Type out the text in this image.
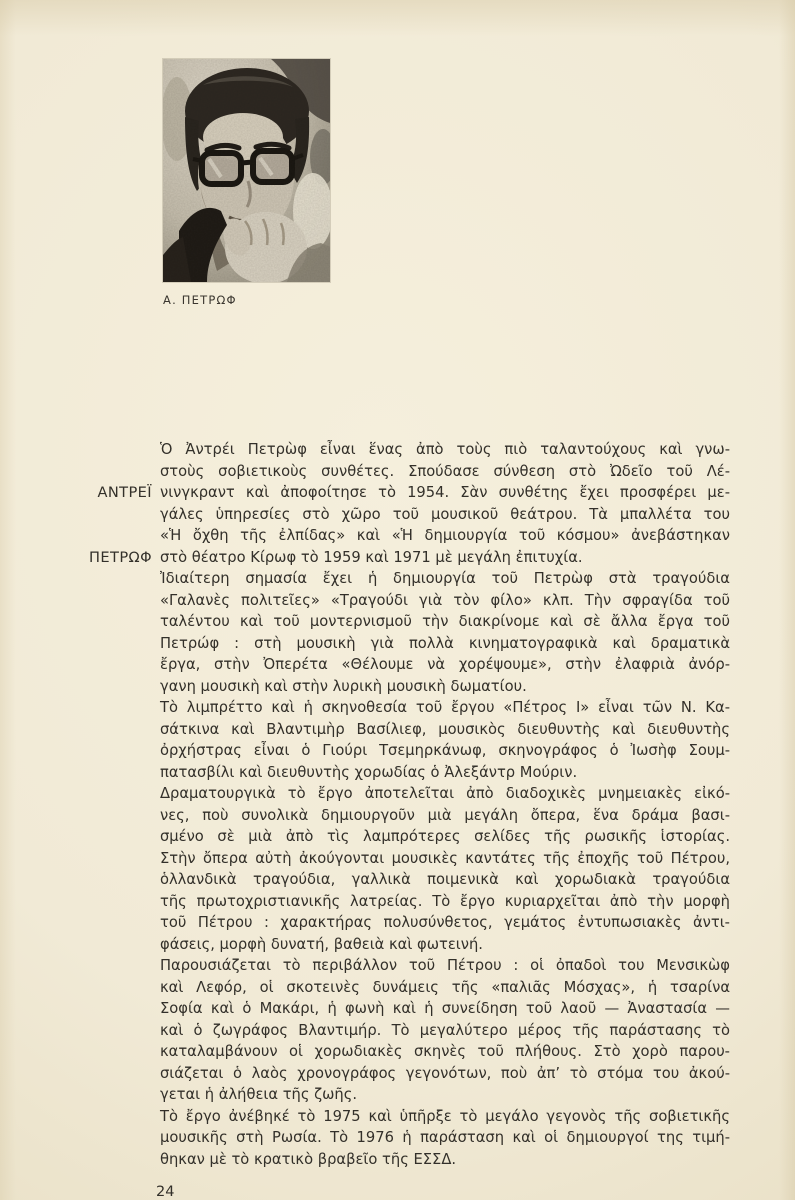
Α. ΠΕΤΡΩΦ

ΑΝΤΡΕΪ

ΠΕΤΡΩΦ

Ὁ Ἀντρέι Πετρὼφ εἶναι ἕνας ἀπὸ τοὺς πιὸ ταλαντούχους καὶ γνω-
στοὺς σοβιετικοὺς συνθέτες. Σπούδασε σύνθεση στὸ Ὠδεῖο τοῦ Λέ-
νινγκραντ καὶ ἀποφοίτησε τὸ 1954. Σὰν συνθέτης ἔχει προσφέρει με-
γάλες ὑπηρεσίες στὸ χῶρο τοῦ μουσικοῦ θεάτρου. Τὰ μπαλλέτα του
«Ἡ ὄχθη τῆς ἐλπίδας» καὶ «Ἡ δημιουργία τοῦ κόσμου» ἀνεβάστηκαν
στὸ θέατρο Κίρωφ τὸ 1959 καὶ 1971 μὲ μεγάλη ἐπιτυχία.
Ἰδιαίτερη σημασία ἔχει ἡ δημιουργία τοῦ Πετρὼφ στὰ τραγούδια
«Γαλανὲς πολιτεῖες» «Τραγούδι γιὰ τὸν φίλο» κλπ. Τὴν σφραγίδα τοῦ
ταλέντου καὶ τοῦ μοντερνισμοῦ τὴν διακρίνομε καὶ σὲ ἄλλα ἔργα τοῦ
Πετρώφ : στὴ μουσικὴ γιὰ πολλὰ κινηματογραφικὰ καὶ δραματικὰ
ἔργα, στὴν Ὀπερέτα «Θέλουμε νὰ χορέψουμε», στὴν ἐλαφριὰ ἀνόρ-
γανη μουσικὴ καὶ στὴν λυρικὴ μουσικὴ δωματίου.
Τὸ λιμπρέττο καὶ ἡ σκηνοθεσία τοῦ ἔργου «Πέτρος Ι» εἶναι τῶν Ν. Κα-
σάτκινα καὶ Βλαντιμὴρ Βασίλιεφ, μουσικὸς διευθυντὴς καὶ διευθυντὴς
ὀρχήστρας εἶναι ὁ Γιούρι Τσεμηρκάνωφ, σκηνογράφος ὁ Ἰωσὴφ Σουμ-
πατασβίλι καὶ διευθυντὴς χορωδίας ὁ Ἀλεξάντρ Μούριν.
Δραματουργικὰ τὸ ἔργο ἀποτελεῖται ἀπὸ διαδοχικὲς μνημειακὲς εἰκό-
νες, ποὺ συνολικὰ δημιουργοῦν μιὰ μεγάλη ὄπερα, ἕνα δράμα βασι-
σμένο σὲ μιὰ ἀπὸ τὶς λαμπρότερες σελίδες τῆς ρωσικῆς ἱστορίας.
Στὴν ὄπερα αὐτὴ ἀκούγονται μουσικὲς καντάτες τῆς ἐποχῆς τοῦ Πέτρου,
ὁλλανδικὰ τραγούδια, γαλλικὰ ποιμενικὰ καὶ χορωδιακὰ τραγούδια
τῆς πρωτοχριστιανικῆς λατρείας. Τὸ ἔργο κυριαρχεῖται ἀπὸ τὴν μορφὴ
τοῦ Πέτρου : χαρακτήρας πολυσύνθετος, γεμάτος ἐντυπωσιακὲς ἀντι-
φάσεις, μορφὴ δυνατή, βαθειὰ καὶ φωτεινή.
Παρουσιάζεται τὸ περιβάλλον τοῦ Πέτρου : οἱ ὀπαδοὶ του Μενσικὼφ
καὶ Λεφόρ, οἱ σκοτεινὲς δυνάμεις τῆς «παλιᾶς Μόσχας», ἡ τσαρίνα
Σοφία καὶ ὁ Μακάρι, ἡ φωνὴ καὶ ἡ συνείδηση τοῦ λαοῦ — Ἀναστασία —
καὶ ὁ ζωγράφος Βλαντιμήρ. Τὸ μεγαλύτερο μέρος τῆς παράστασης τὸ
καταλαμβάνουν οἱ χορωδιακὲς σκηνὲς τοῦ πλήθους. Στὸ χορὸ παρου-
σιάζεται ὁ λαὸς χρονογράφος γεγονότων, ποὺ ἀπ’ τὸ στόμα του ἀκού-
γεται ἡ ἀλήθεια τῆς ζωῆς.
Τὸ ἔργο ἀνέβηκέ τὸ 1975 καὶ ὑπῆρξε τὸ μεγάλο γεγονὸς τῆς σοβιετικῆς
μουσικῆς στὴ Ρωσία. Τὸ 1976 ἡ παράσταση καὶ οἱ δημιουργοί της τιμή-
θηκαν μὲ τὸ κρατικὸ βραβεῖο τῆς ΕΣΣΔ.
24
